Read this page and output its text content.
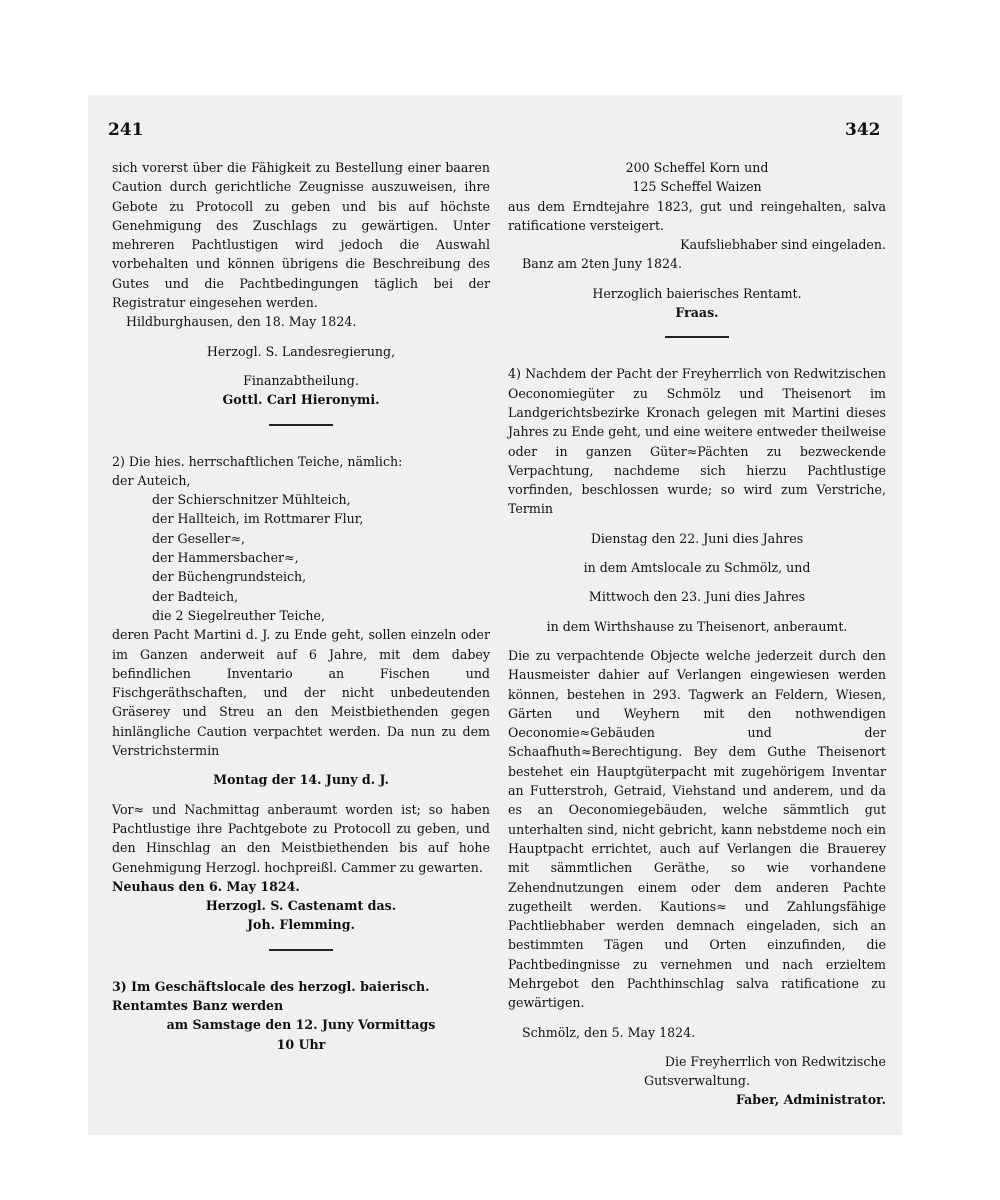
241	342

sich vorerst über die Fähigkeit zu Bestellung einer baaren Caution durch gerichtliche Zeugnisse auszuweisen, ihre Gebote zu Protocoll zu geben und bis auf höchste Genehmigung des Zuschlags zu gewärtigen. Unter mehreren Pachtlustigen wird jedoch die Auswahl vorbehalten und können übrigens die Beschreibung des Gutes und die Pachtbedingungen täglich bei der Registratur eingesehen werden.

Hildburghausen, den 18. May 1824.

Herzogl. S. Landesregierung,

Finanzabtheilung.

Gottl. Carl Hieronymi.

2) Die hies. herrschaftlichen Teiche, nämlich:

der Auteich,

der Schierschnitzer Mühlteich,

der Hallteich, im Rottmarer Flur,

der Geseller≈,

der Hammersbacher≈,

der Büchengrundsteich,

der Badteich,

die 2 Siegelreuther Teiche,

deren Pacht Martini d. J. zu Ende geht, sollen einzeln oder im Ganzen anderweit auf 6 Jahre, mit dem dabey befindlichen Inventario an Fischen und Fischgeräthschaften, und der nicht unbedeutenden Gräserey und Streu an den Meistbiethenden gegen hinlängliche Caution verpachtet werden. Da nun zu dem Verstrichstermin

Montag der 14. Juny d. J.

Vor≈ und Nachmittag anberaumt worden ist; so haben Pachtlustige ihre Pachtgebote zu Protocoll zu geben, und den Hinschlag an den Meistbiethenden bis auf hohe Genehmigung Herzogl. hochpreißl. Cammer zu gewarten.

Neuhaus den 6. May 1824.

Herzogl. S. Castenamt das.

Joh. Flemming.

3) Im Geschäftslocale des herzogl. baierisch.

Rentamtes Banz werden

am Samstage den 12. Juny Vormittags

10 Uhr

200 Scheffel Korn und

125 Scheffel Waizen

aus dem Erndtejahre 1823, gut und reingehalten, salva ratificatione versteigert.

Kaufsliebhaber sind eingeladen.

Banz am 2ten Juny 1824.

Herzoglich baierisches Rentamt.

Fraas.

4) Nachdem der Pacht der Freyherrlich von Redwitzischen Oeconomiegüter zu Schmölz und Theisenort im Landgerichtsbezirke Kronach gelegen mit Martini dieses Jahres zu Ende geht, und eine weitere entweder theilweise oder in ganzen Güter≈Pächten zu bezweckende Verpachtung, nachdeme sich hierzu Pachtlustige vorfinden, beschlossen wurde; so wird zum Verstriche, Termin

Dienstag den 22. Juni dies Jahres

in dem Amtslocale zu Schmölz, und

Mittwoch den 23. Juni dies Jahres

in dem Wirthshause zu Theisenort, anberaumt.

Die zu verpachtende Objecte welche jederzeit durch den Hausmeister dahier auf Verlangen eingewiesen werden können, bestehen in 293. Tagwerk an Feldern, Wiesen, Gärten und Weyhern mit den nothwendigen Oeconomie≈Gebäuden und der Schaafhuth≈Berechtigung. Bey dem Guthe Theisenort bestehet ein Hauptgüterpacht mit zugehörigem Inventar an Futterstroh, Getraid, Viehstand und anderem, und da es an Oeconomiegebäuden, welche sämmtlich gut unterhalten sind, nicht gebricht, kann nebstdeme noch ein Hauptpacht errichtet, auch auf Verlangen die Brauerey mit sämmtlichen Geräthe, so wie vorhandene Zehendnutzungen einem oder dem anderen Pachte zugetheilt werden. Kautions≈ und Zahlungsfähige Pachtliebhaber werden demnach eingeladen, sich an bestimmten Tägen und Orten einzufinden, die Pachtbedingnisse zu vernehmen und nach erzieltem Mehrgebot den Pachthinschlag salva ratificatione zu gewärtigen.

Schmölz, den 5. May 1824.

Die Freyherrlich von Redwitzische

Gutsverwaltung.

Faber, Administrator.
